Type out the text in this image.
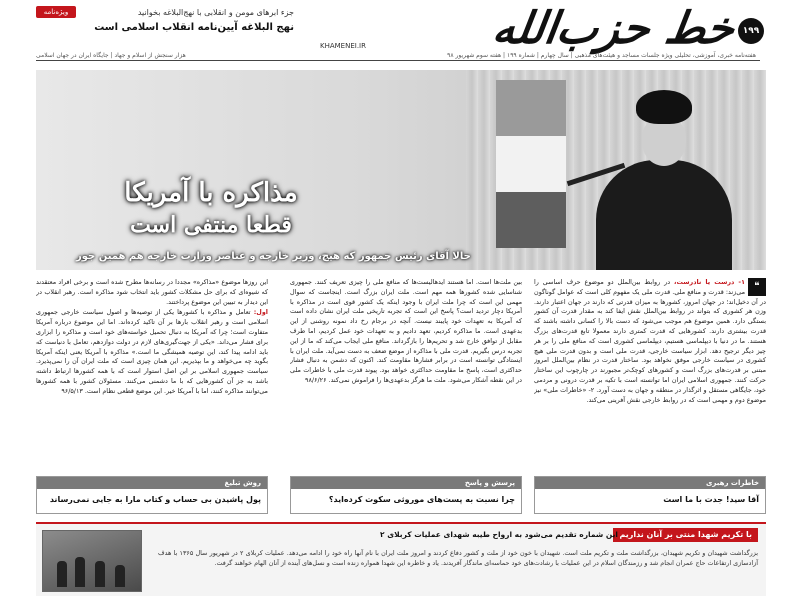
خط حزب‌الله ۱۹۹
KHAMENEI.IR
ویژه‌نامه	جزء ابرهای مومن و انقلابی با نهج‌البلاغه بخوانید
نهج البلاغه آیین‌نامه انقلاب اسلامی است
هفته‌نامه خبری، آموزشی، تحلیلی ویژه جلسات مساجد و هیئت‌های مذهبی | سال چهارم | شماره ۱۹۹ | هفته سوم شهریور ۹۸
هزار سنجش از اسلام و جهاد | جایگاه ایران در جهان اسلامی
مذاکره با آمریکا
قطعا منتفی است
حالا آقای رئیس جمهور که هیچ، وزیر خارجه و عناصر وزارت خارجه هم همین جور
❝

۱- درست یا نادرست، در روابط بین‌الملل دو موضوع حرف اساسی را می‌زند: قدرت و منافع ملی. قدرت ملی یک مفهوم کلی است که عوامل گوناگون در آن دخیل‌اند؛ در جهان امروز، کشورها به میزان قدرتی که دارند در جهان اعتبار دارند. وزن هر کشوری که بتواند در روابط بین‌الملل نقش ایفا کند به مقدار قدرت آن کشور بستگی دارد. همین موضوع هم موجب می‌شود که دست بالا را کسانی داشته باشند که قدرت بیشتری دارند. کشورهایی که قدرت کمتری دارند معمولا تابع قدرت‌های بزرگ هستند. ما در دنیا با دیپلماسی هستیم، دیپلماسی کشوری است که منافع ملی را بر هر چیز دیگر ترجیح دهد. ابزار سیاست خارجی، قدرت ملی است و بدون قدرت ملی هیچ کشوری در سیاست خارجی موفق نخواهد بود. ساختار قدرت در نظام بین‌الملل امروز مبتنی بر قدرت‌های بزرگ است و کشورهای کوچک‌تر مجبورند در چارچوب این ساختار حرکت کنند. جمهوری اسلامی ایران اما توانسته است با تکیه بر قدرت درونی و مردمی خود، جایگاهی مستقل و اثرگذار در منطقه و جهان به دست آورد. ۲- «خاطرات ملی» نیز موضوع دوم و مهمی است که در روابط خارجی نقش آفرینی می‌کند.

بین ملت‌ها است. اما هستند ایدهالیست‌ها که منافع ملی را چیزی تعریف کنند. جمهوری شناسایی شده کشورها همه مهم است. ملت ایران بزرگ است. اینجاست که سوال مهمی این است که چرا ملت ایران با وجود اینکه یک کشور قوی است در مذاکره با آمریکا دچار تردید است؟ پاسخ این است که تجربه تاریخی ملت ایران نشان داده است که آمریکا به تعهدات خود پایبند نیست. آنچه در برجام رخ داد نمونه روشنی از این بدعهدی است. ما مذاکره کردیم، تعهد دادیم و به تعهدات خود عمل کردیم، اما طرف مقابل از توافق خارج شد و تحریم‌ها را بازگرداند. منافع ملی ایجاب می‌کند که ما از این تجربه درس بگیریم. قدرت ملی با مذاکره از موضع ضعف به دست نمی‌آید. ملت ایران با ایستادگی توانسته است در برابر فشارها مقاومت کند. اکنون که دشمن به دنبال فشار حداکثری است، پاسخ ما مقاومت حداکثری خواهد بود. پیوند قدرت ملی با خاطرات ملی در این نقطه آشکار می‌شود. ملت ما هرگز بدعهدی‌ها را فراموش نمی‌کند. ۹۸/۶/۲۶

این روزها موضوع «مذاکره» مجددا در رسانه‌ها مطرح شده است و برخی افراد معتقدند که شیوه‌ای که برای حل مشکلات کشور باید انتخاب شود مذاکره است. رهبر انقلاب در این دیدار به تبیین این موضوع پرداختند.

اول: تعامل و مذاکره با کشورها یکی از توصیه‌ها و اصول سیاست خارجی جمهوری اسلامی است و رهبر انقلاب بارها بر آن تاکید کرده‌اند. اما این موضوع درباره آمریکا متفاوت است؛ چرا که آمریکا به دنبال تحمیل خواسته‌های خود است و مذاکره را ابزاری برای فشار می‌داند. «یکی از جهت‌گیری‌های لازم در دولت دوازدهم، تعامل با دنیاست که باید ادامه پیدا کند، این توصیه همیشگی ما است.» مذاکره با آمریکا یعنی اینکه آمریکا بگوید چه می‌خواهد و ما بپذیریم. این همان چیزی است که ملت ایران آن را نمی‌پذیرد. سیاست جمهوری اسلامی بر این اصل استوار است که با همه کشورها ارتباط داشته باشد به جز آن کشورهایی که با ما دشمنی می‌کنند. مسئولان کشور با همه کشورها می‌توانند مذاکره کنند، اما با آمریکا خیر. این موضع قطعی نظام است. ۹۶/۵/۱۳

خاطرات رهبری
آقا سید! جدت با ما است
پرسش و پاسخ
چرا نسبت به پست‌های موروثی سکوت کرده‌اید؟
روش تبلیغ
پول پاشیدن بی حساب و کتاب مارا به جایی نمی‌رساند
با تکریم شهدا منتی بر آنان نداریم
این شماره تقدیم می‌شود به ارواح طیبه شهدای عملیات کربلای ۲
بزرگداشت شهیدان و تکریم شهیدان، بزرگداشت ملت و تکریم ملت است. شهیدان با خون خود از ملت و کشور دفاع کردند و امروز ملت ایران با نام آنها راه خود را ادامه می‌دهد. عملیات کربلای ۲ در شهریور سال ۱۳۶۵ با هدف آزادسازی ارتفاعات حاج عمران انجام شد و رزمندگان اسلام در این عملیات با رشادت‌های خود حماسه‌ای ماندگار آفریدند. یاد و خاطره این شهدا همواره زنده است و نسل‌های آینده از آنان الهام خواهند گرفت.
